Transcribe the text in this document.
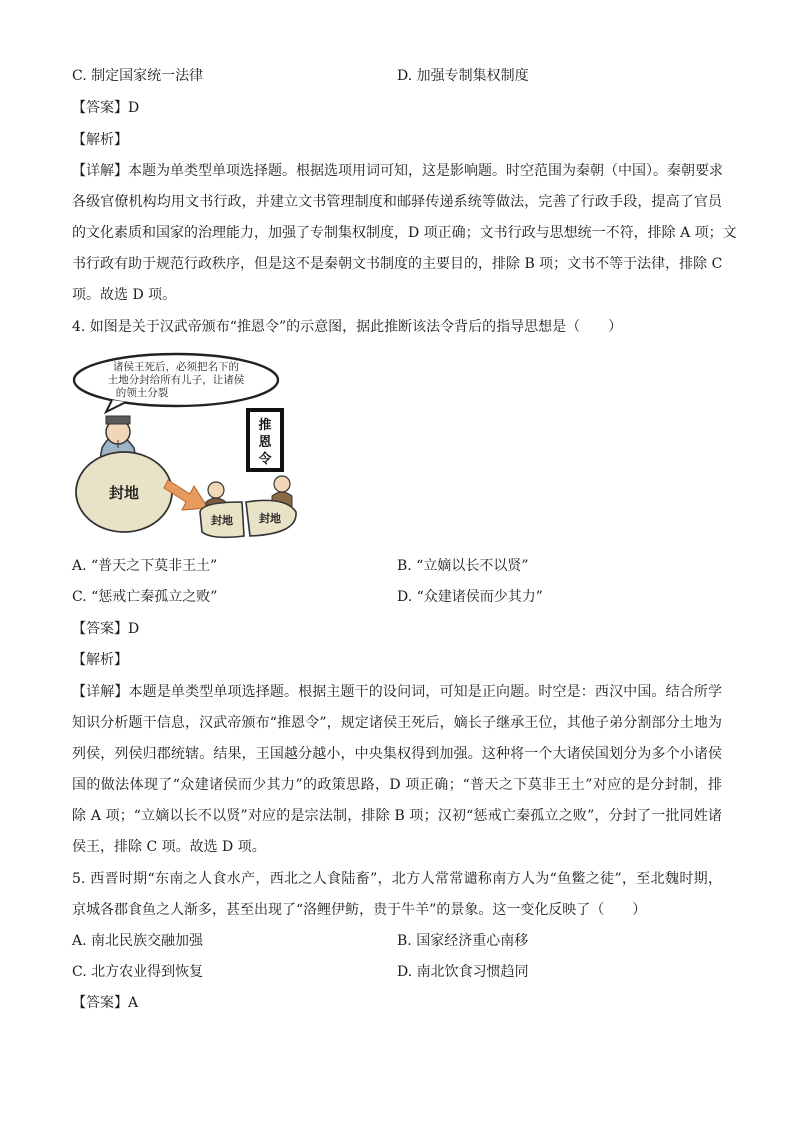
C. 制定国家统一法律	D. 加强专制集权制度
【答案】D
【解析】
【详解】本题为单类型单项选择题。根据选项用词可知，这是影响题。时空范围为秦朝（中国）。秦朝要求
各级官僚机构均用文书行政，并建立文书管理制度和邮驿传递系统等做法，完善了行政手段，提高了官员
的文化素质和国家的治理能力，加强了专制集权制度，D 项正确；文书行政与思想统一不符，排除 A 项；文
书行政有助于规范行政秩序，但是这不是秦朝文书制度的主要目的，排除 B 项；文书不等于法律，排除 C
项。故选 D 项。
4. 如图是关于汉武帝颁布“推恩令”的示意图，据此推断该法令背后的指导思想是（　　）
诸侯王死后，必须把名下的
土地分封给所有儿子，让诸侯
的领土分裂
推
恩
令
封地
封地 封地
A. “普天之下莫非王土”	B. “立嫡以长不以贤”
C. “惩戒亡秦孤立之败”	D. “众建诸侯而少其力”
【答案】D
【解析】
【详解】本题是单类型单项选择题。根据主题干的设问词，可知是正向题。时空是：西汉中国。结合所学
知识分析题干信息，汉武帝颁布“推恩令”，规定诸侯王死后，嫡长子继承王位，其他子弟分割部分土地为
列侯，列侯归郡统辖。结果，王国越分越小，中央集权得到加强。这种将一个大诸侯国划分为多个小诸侯
国的做法体现了“众建诸侯而少其力”的政策思路，D 项正确；“普天之下莫非王土”对应的是分封制，排
除 A 项；“立嫡以长不以贤”对应的是宗法制，排除 B 项；汉初“惩戒亡秦孤立之败”，分封了一批同姓诸
侯王，排除 C 项。故选 D 项。
5. 西晋时期“东南之人食水产，西北之人食陆畜”，北方人常常谴称南方人为“鱼鳖之徒”，至北魏时期，
京城各郡食鱼之人渐多，甚至出现了“洛鲤伊鲂，贵于牛羊”的景象。这一变化反映了（　　）
A. 南北民族交融加强	B. 国家经济重心南移
C. 北方农业得到恢复	D. 南北饮食习惯趋同
【答案】A
